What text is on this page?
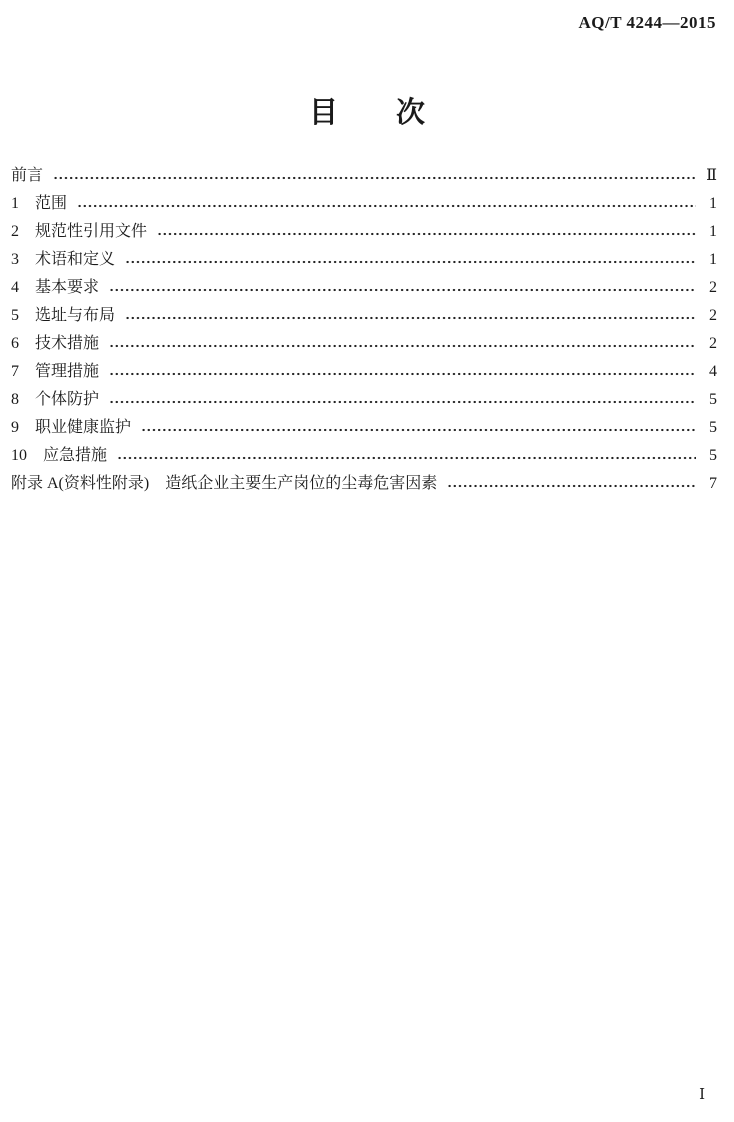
AQ/T 4244—2015
目　　次
前言	Ⅱ
1　范围	1
2　规范性引用文件	1
3　术语和定义	1
4　基本要求	2
5　选址与布局	2
6　技术措施	2
7　管理措施	4
8　个体防护	5
9　职业健康监护	5
10　应急措施	5
附录 A(资料性附录)　造纸企业主要生产岗位的尘毒危害因素	7
Ⅰ
